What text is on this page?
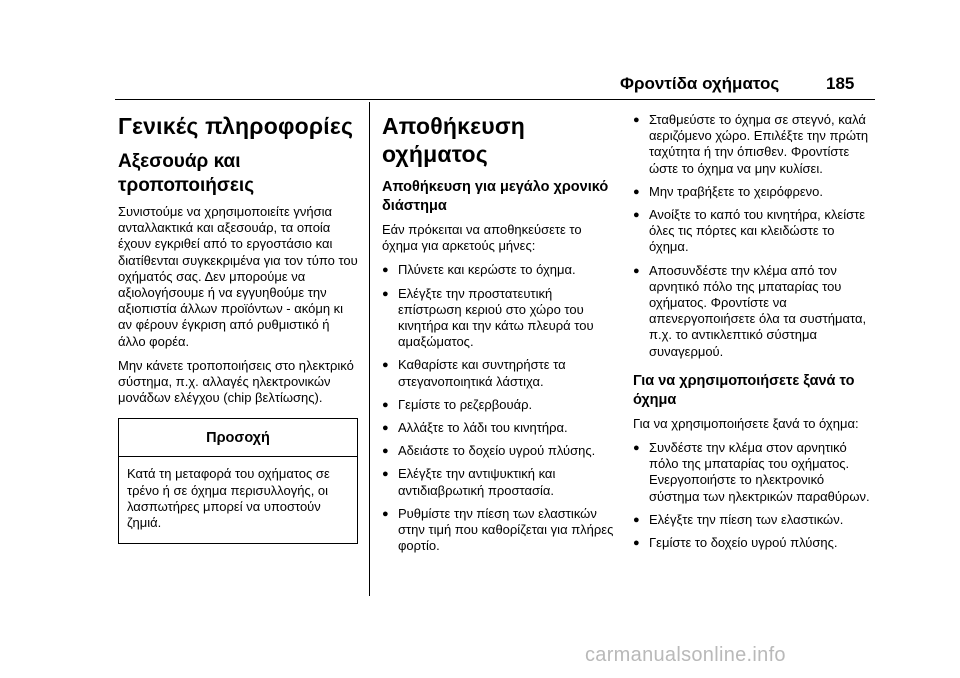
Φροντίδα οχήματος	185
Γενικές πληροφορίες
Αξεσουάρ και τροποποιήσεις

Συνιστούμε να χρησιμοποιείτε γνήσια ανταλλακτικά και αξεσουάρ, τα οποία έχουν εγκριθεί από το εργοστάσιο και διατίθενται συγκεκριμένα για τον τύπο του οχήματός σας. Δεν μπορούμε να αξιολογήσουμε ή να εγγυηθούμε την αξιοπιστία άλλων προϊόντων - ακόμη κι αν φέρουν έγκριση από ρυθμιστικό ή άλλο φορέα.

Μην κάνετε τροποποιήσεις στο ηλεκτρικό σύστημα, π.χ. αλλαγές ηλεκτρονικών μονάδων ελέγχου (chip βελτίωσης).

Προσοχή
Κατά τη μεταφορά του οχήματος σε τρένο ή σε όχημα περισυλλογής, οι λασπωτήρες μπορεί να υποστούν ζημιά.
Αποθήκευση οχήματος
Αποθήκευση για μεγάλο χρονικό διάστημα

Εάν πρόκειται να αποθηκεύσετε το όχημα για αρκετούς μήνες:

● Πλύνετε και κερώστε το όχημα.
● Ελέγξτε την προστατευτική επίστρωση κεριού στο χώρο του κινητήρα και την κάτω πλευρά του αμαξώματος.
● Καθαρίστε και συντηρήστε τα στεγανοποιητικά λάστιχα.
● Γεμίστε το ρεζερβουάρ.
● Αλλάξτε το λάδι του κινητήρα.
● Αδειάστε το δοχείο υγρού πλύσης.
● Ελέγξτε την αντιψυκτική και αντιδιαβρωτική προστασία.
● Ρυθμίστε την πίεση των ελαστικών στην τιμή που καθορίζεται για πλήρες φορτίο.
● Σταθμεύστε το όχημα σε στεγνό, καλά αεριζόμενο χώρο. Επιλέξτε την πρώτη ταχύτητα ή την όπισθεν. Φροντίστε ώστε το όχημα να μην κυλίσει.
● Μην τραβήξετε το χειρόφρενο.
● Ανοίξτε το καπό του κινητήρα, κλείστε όλες τις πόρτες και κλειδώστε το όχημα.
● Αποσυνδέστε την κλέμα από τον αρνητικό πόλο της μπαταρίας του οχήματος. Φροντίστε να απενεργοποιήσετε όλα τα συστήματα, π.χ. το αντικλεπτικό σύστημα συναγερμού.
Για να χρησιμοποιήσετε ξανά το όχημα

Για να χρησιμοποιήσετε ξανά το όχημα:

● Συνδέστε την κλέμα στον αρνητικό πόλο της μπαταρίας του οχήματος. Ενεργοποιήστε το ηλεκτρονικό σύστημα των ηλεκτρικών παραθύρων.
● Ελέγξτε την πίεση των ελαστικών.
● Γεμίστε το δοχείο υγρού πλύσης.
carmanualsonline.info
